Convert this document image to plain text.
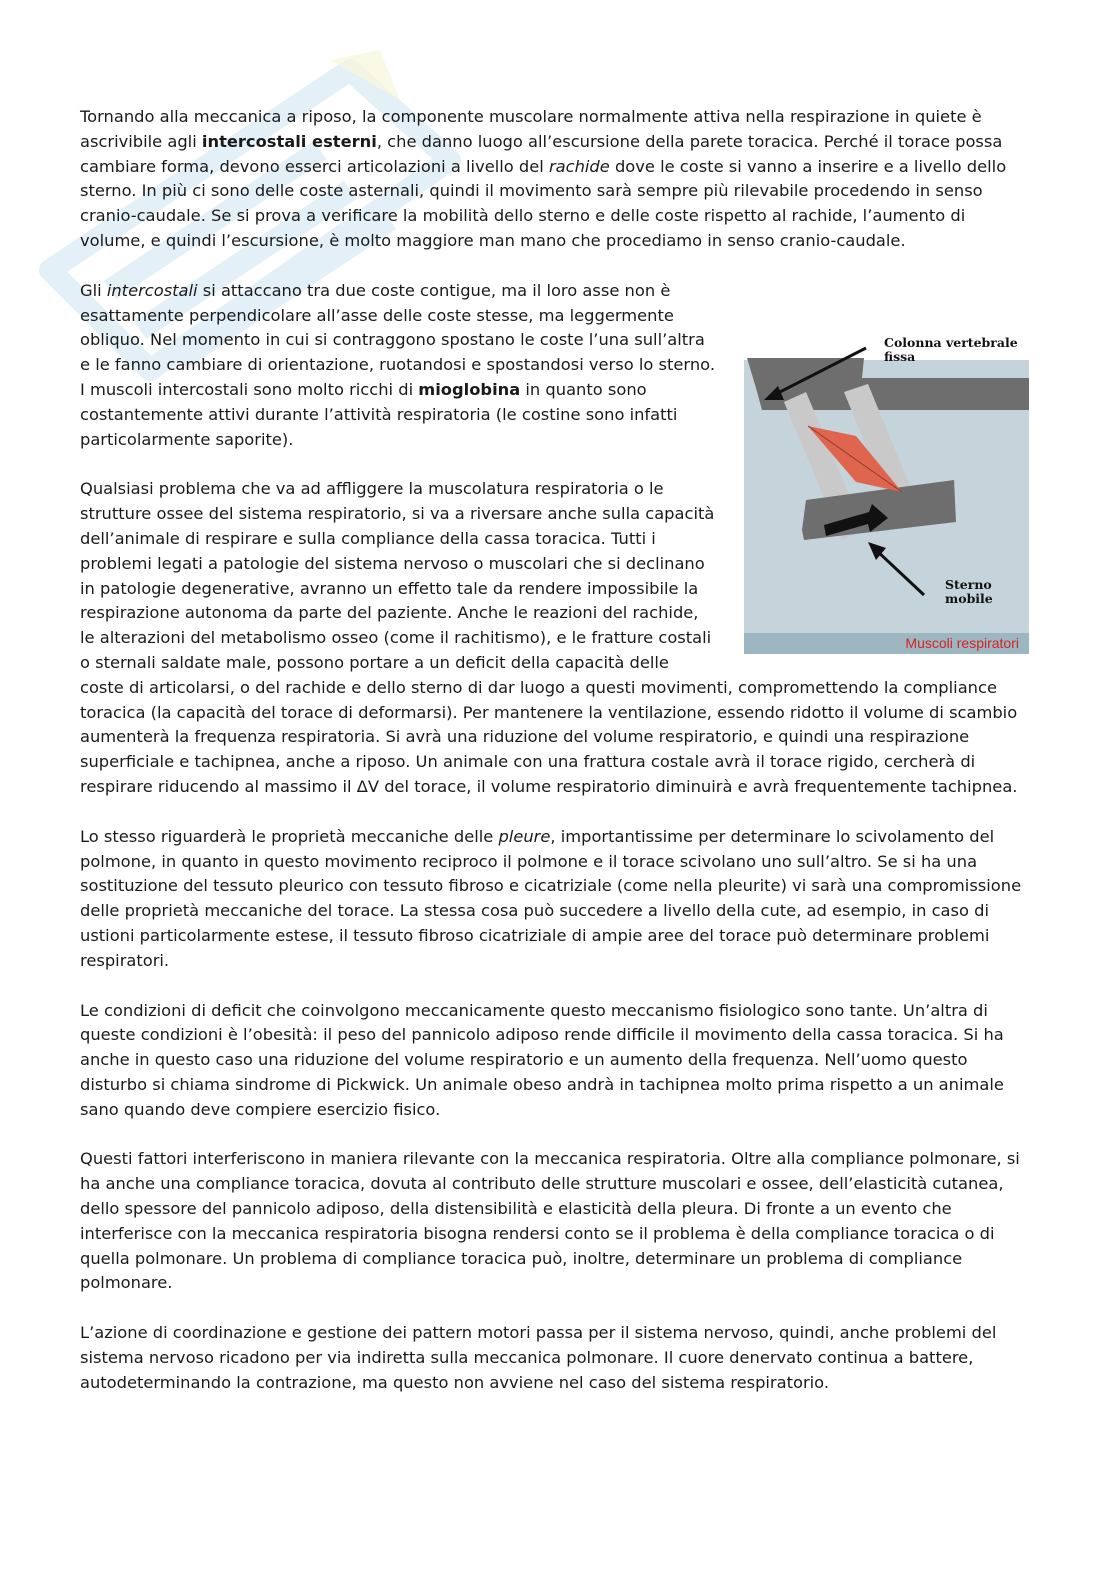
Tornando alla meccanica a riposo, la componente muscolare normalmente attiva nella respirazione in quiete è ascrivibile agli intercostali esterni, che danno luogo all’escursione della parete toracica. Perché il torace possa cambiare forma, devono esserci articolazioni a livello del rachide dove le coste si vanno a inserire e a livello dello sterno. In più ci sono delle coste asternali, quindi il movimento sarà sempre più rilevabile procedendo in senso cranio-caudale. Se si prova a verificare la mobilità dello sterno e delle coste rispetto al rachide, l’aumento di volume, e quindi l’escursione, è molto maggiore man mano che procediamo in senso cranio-caudale.

Colonna vertebrale
fissa
Sterno
mobile
Muscoli respiratori

Gli intercostali si attaccano tra due coste contigue, ma il loro asse non è esattamente perpendicolare all’asse delle coste stesse, ma leggermente obliquo. Nel momento in cui si contraggono spostano le coste l’una sull’altra e le fanno cambiare di orientazione, ruotandosi e spostandosi verso lo sterno. I muscoli intercostali sono molto ricchi di mioglobina in quanto sono costantemente attivi durante l’attività respiratoria (le costine sono infatti particolarmente saporite).

Qualsiasi problema che va ad affliggere la muscolatura respiratoria o le strutture ossee del sistema respiratorio, si va a riversare anche sulla capacità dell’animale di respirare e sulla compliance della cassa toracica. Tutti i problemi legati a patologie del sistema nervoso o muscolari che si declinano in patologie degenerative, avranno un effetto tale da rendere impossibile la respirazione autonoma da parte del paziente. Anche le reazioni del rachide, le alterazioni del metabolismo osseo (come il rachitismo), e le fratture costali o sternali saldate male, possono portare a un deficit della capacità delle coste di articolarsi, o del rachide e dello sterno di dar luogo a questi movimenti, compromettendo la compliance toracica (la capacità del torace di deformarsi). Per mantenere la ventilazione, essendo ridotto il volume di scambio aumenterà la frequenza respiratoria. Si avrà una riduzione del volume respiratorio, e quindi una respirazione superficiale e tachipnea, anche a riposo. Un animale con una frattura costale avrà il torace rigido, cercherà di respirare riducendo al massimo il ΔV del torace, il volume respiratorio diminuirà e avrà frequentemente tachipnea.

Lo stesso riguarderà le proprietà meccaniche delle pleure, importantissime per determinare lo scivolamento del polmone, in quanto in questo movimento reciproco il polmone e il torace scivolano uno sull’altro. Se si ha una sostituzione del tessuto pleurico con tessuto fibroso e cicatriziale (come nella pleurite) vi sarà una compromissione delle proprietà meccaniche del torace. La stessa cosa può succedere a livello della cute, ad esempio, in caso di ustioni particolarmente estese, il tessuto fibroso cicatriziale di ampie aree del torace può determinare problemi respiratori.

Le condizioni di deficit che coinvolgono meccanicamente questo meccanismo fisiologico sono tante. Un’altra di queste condizioni è l’obesità: il peso del pannicolo adiposo rende difficile il movimento della cassa toracica. Si ha anche in questo caso una riduzione del volume respiratorio e un aumento della frequenza. Nell’uomo questo disturbo si chiama sindrome di Pickwick. Un animale obeso andrà in tachipnea molto prima rispetto a un animale sano quando deve compiere esercizio fisico.

Questi fattori interferiscono in maniera rilevante con la meccanica respiratoria. Oltre alla compliance polmonare, si ha anche una compliance toracica, dovuta al contributo delle strutture muscolari e ossee, dell’elasticità cutanea, dello spessore del pannicolo adiposo, della distensibilità e elasticità della pleura. Di fronte a un evento che interferisce con la meccanica respiratoria bisogna rendersi conto se il problema è della compliance toracica o di quella polmonare. Un problema di compliance toracica può, inoltre, determinare un problema di compliance polmonare.

L’azione di coordinazione e gestione dei pattern motori passa per il sistema nervoso, quindi, anche problemi del sistema nervoso ricadono per via indiretta sulla meccanica polmonare. Il cuore denervato continua a battere, autodeterminando la contrazione, ma questo non avviene nel caso del sistema respiratorio.
